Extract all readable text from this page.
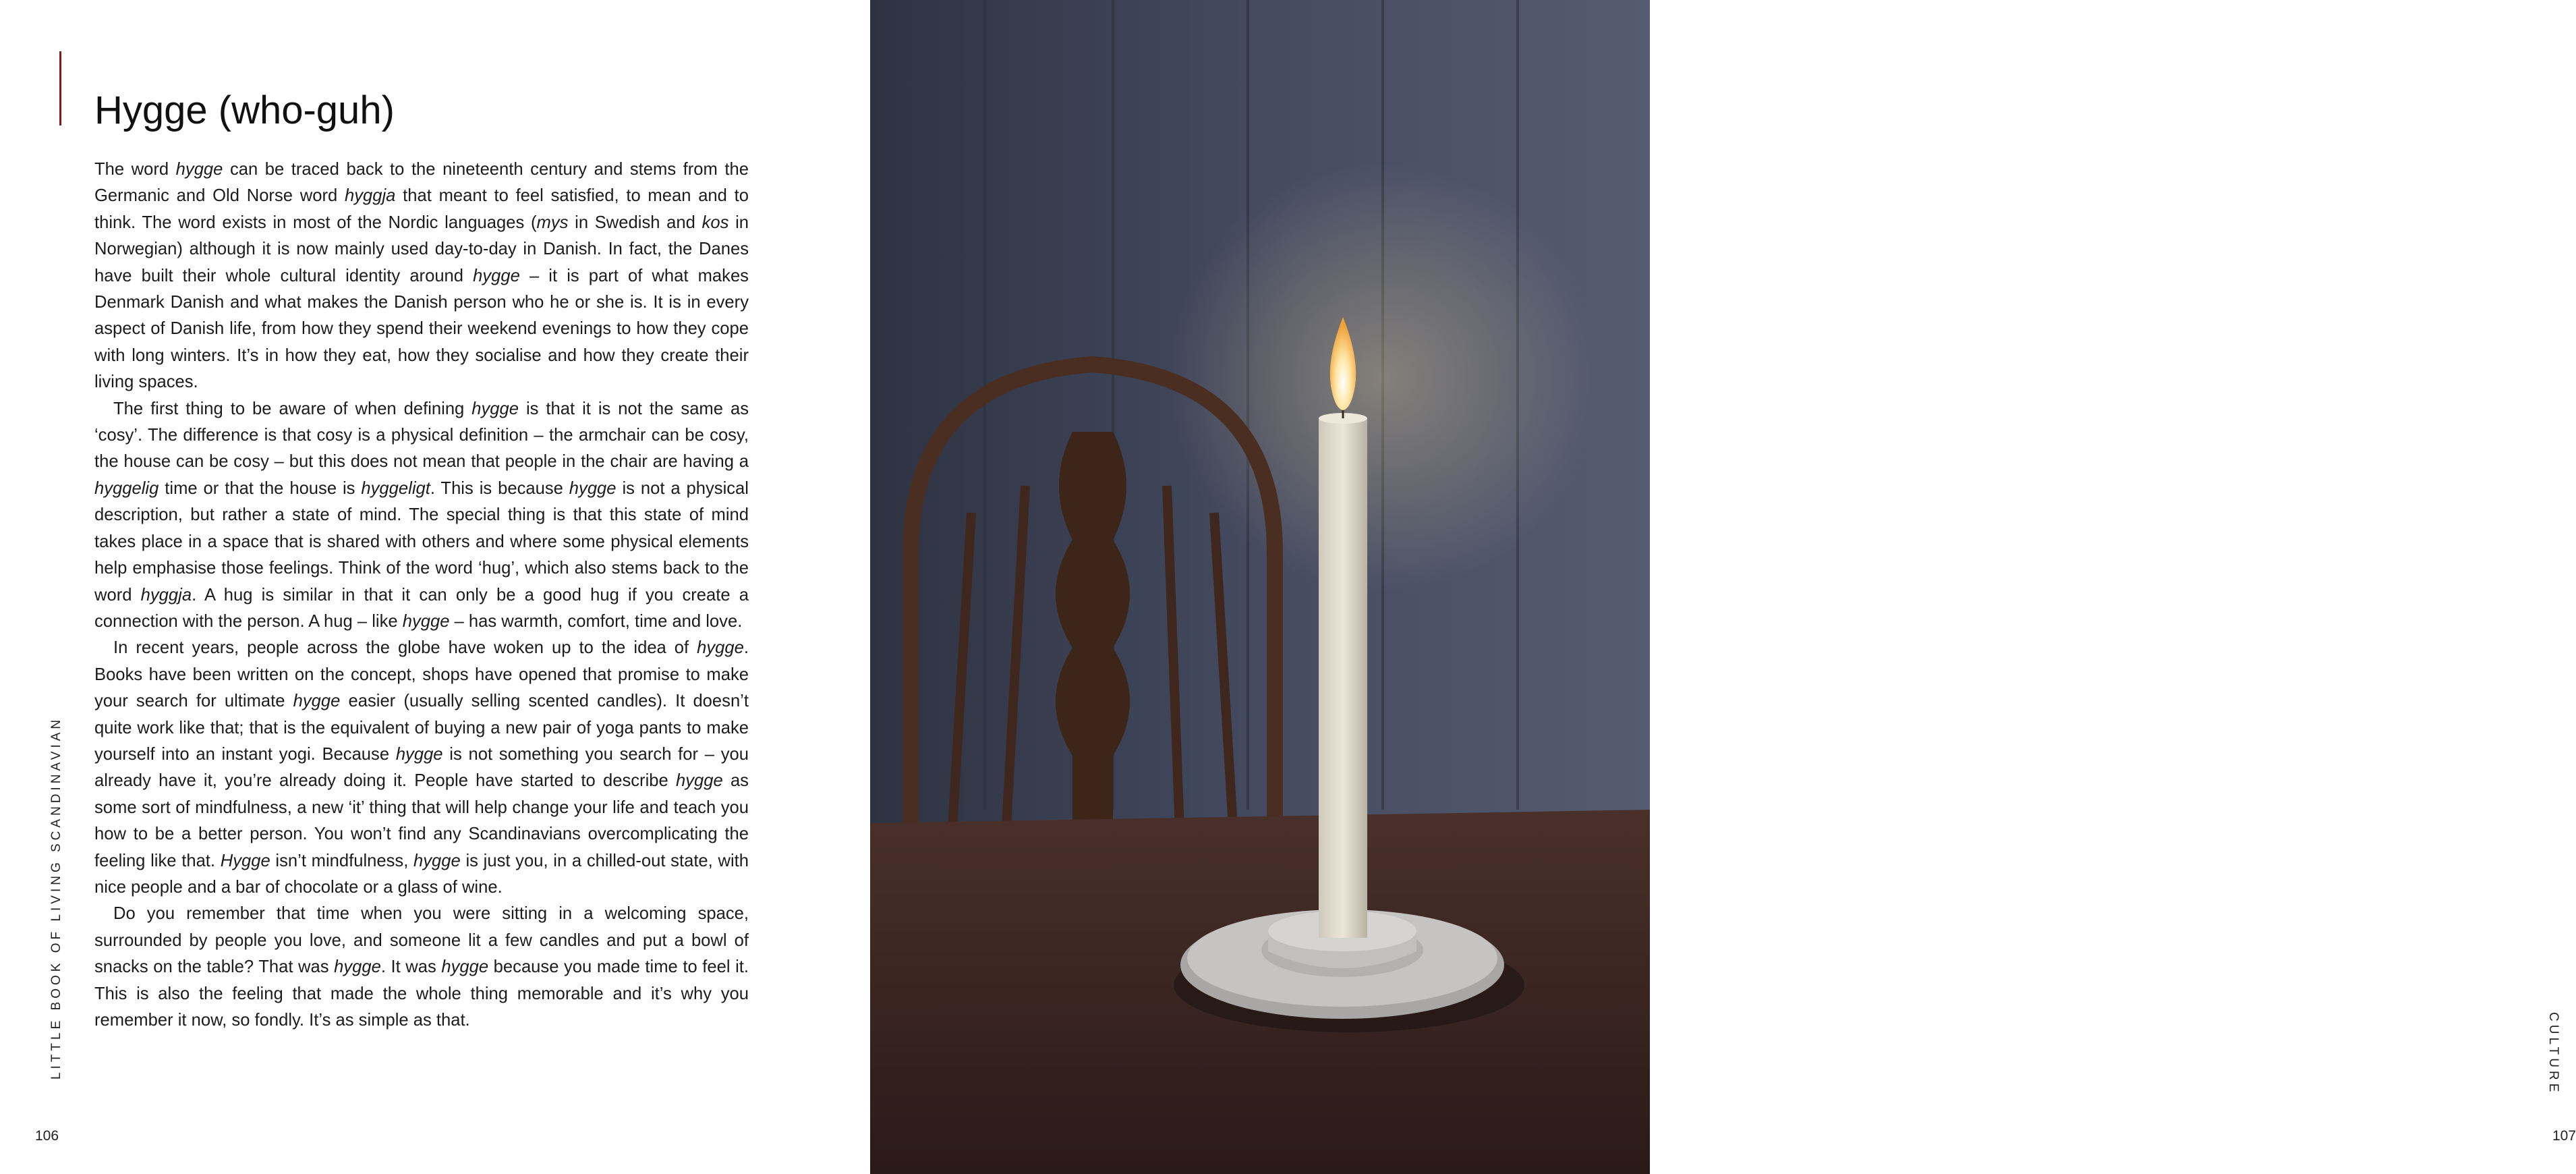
Hygge (who-guh)

The word hygge can be traced back to the nineteenth century and stems from the Germanic and Old Norse word hyggja that meant to feel satisfied, to mean and to think. The word exists in most of the Nordic languages (mys in Swedish and kos in Norwegian) although it is now mainly used day-to-day in Danish. In fact, the Danes have built their whole cultural identity around hygge – it is part of what makes Denmark Danish and what makes the Danish person who he or she is. It is in every aspect of Danish life, from how they spend their weekend evenings to how they cope with long winters. It’s in how they eat, how they socialise and how they create their living spaces.

The first thing to be aware of when defining hygge is that it is not the same as ‘cosy’. The difference is that cosy is a physical definition – the armchair can be cosy, the house can be cosy – but this does not mean that people in the chair are having a hyggelig time or that the house is hyggeligt. This is because hygge is not a physical description, but rather a state of mind. The special thing is that this state of mind takes place in a space that is shared with others and where some physical elements help emphasise those feelings. Think of the word ‘hug’, which also stems back to the word hyggja. A hug is similar in that it can only be a good hug if you create a connection with the person. A hug – like hygge – has warmth, comfort, time and love.

In recent years, people across the globe have woken up to the idea of hygge. Books have been written on the concept, shops have opened that promise to make your search for ultimate hygge easier (usually selling scented candles). It doesn’t quite work like that; that is the equivalent of buying a new pair of yoga pants to make yourself into an instant yogi. Because hygge is not something you search for – you already have it, you’re already doing it. People have started to describe hygge as some sort of mindfulness, a new ‘it’ thing that will help change your life and teach you how to be a better person. You won’t find any Scandinavians overcomplicating the feeling like that. Hygge isn’t mindfulness, hygge is just you, in a chilled-out state, with nice people and a bar of chocolate or a glass of wine.

Do you remember that time when you were sitting in a welcoming space, surrounded by people you love, and someone lit a few candles and put a bowl of snacks on the table? That was hygge. It was hygge because you made time to feel it. This is also the feeling that made the whole thing memorable and it’s why you remember it now, so fondly. It’s as simple as that.

LITTLE BOOK OF LIVING SCANDINAVIAN
106
CULTURE
107
